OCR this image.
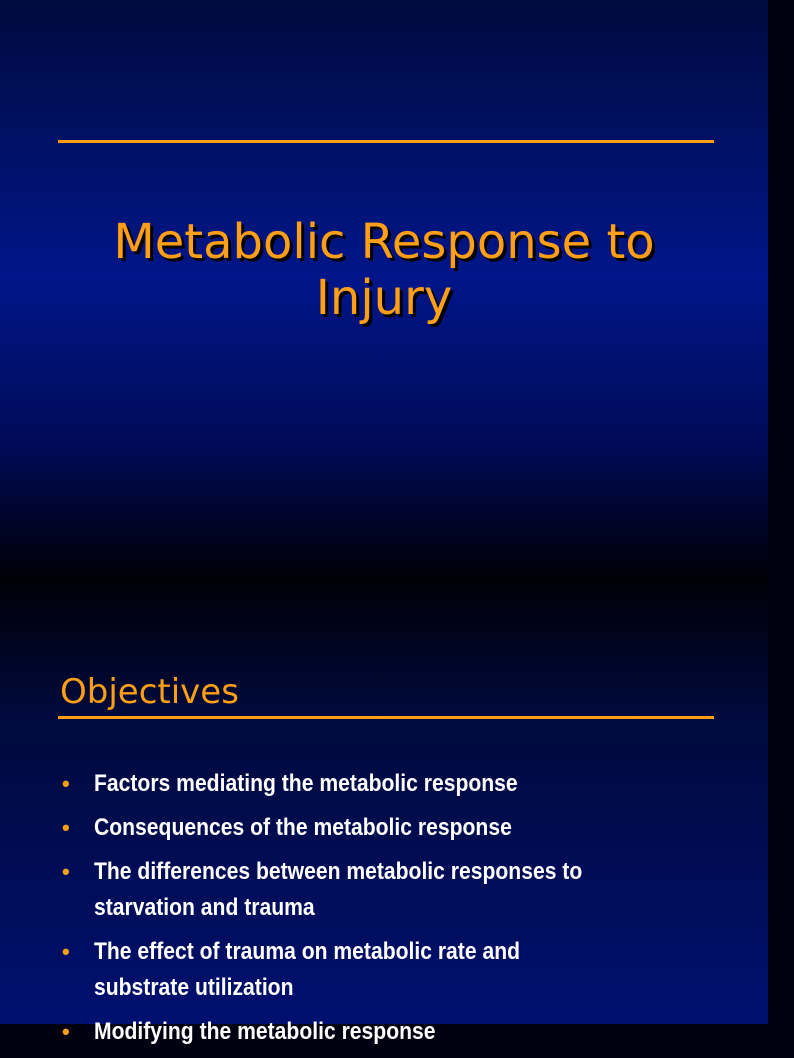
Metabolic Response to
Injury
Objectives
• Factors mediating the metabolic response
• Consequences of the metabolic response
• The differences between metabolic responses to
starvation and trauma
• The effect of trauma on metabolic rate and
substrate utilization
• Modifying the metabolic response
